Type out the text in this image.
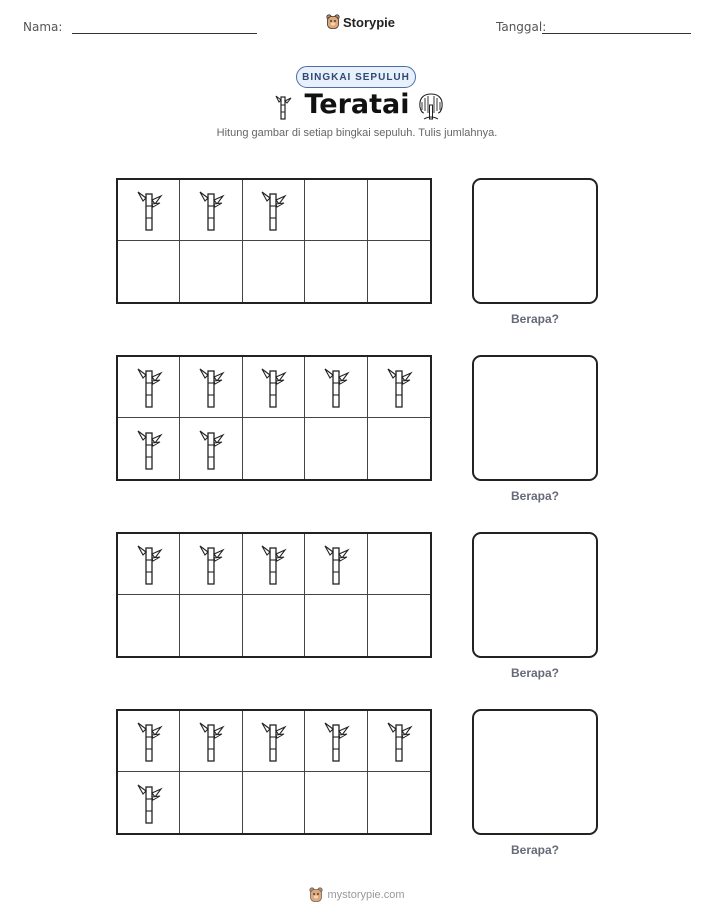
Nama:	Storypie	Tanggal:
BINGKAI SEPULUH
Teratai
Hitung gambar di setiap bingkai sepuluh. Tulis jumlahnya.
Berapa?
Berapa?
Berapa?
Berapa?
mystorypie.com
